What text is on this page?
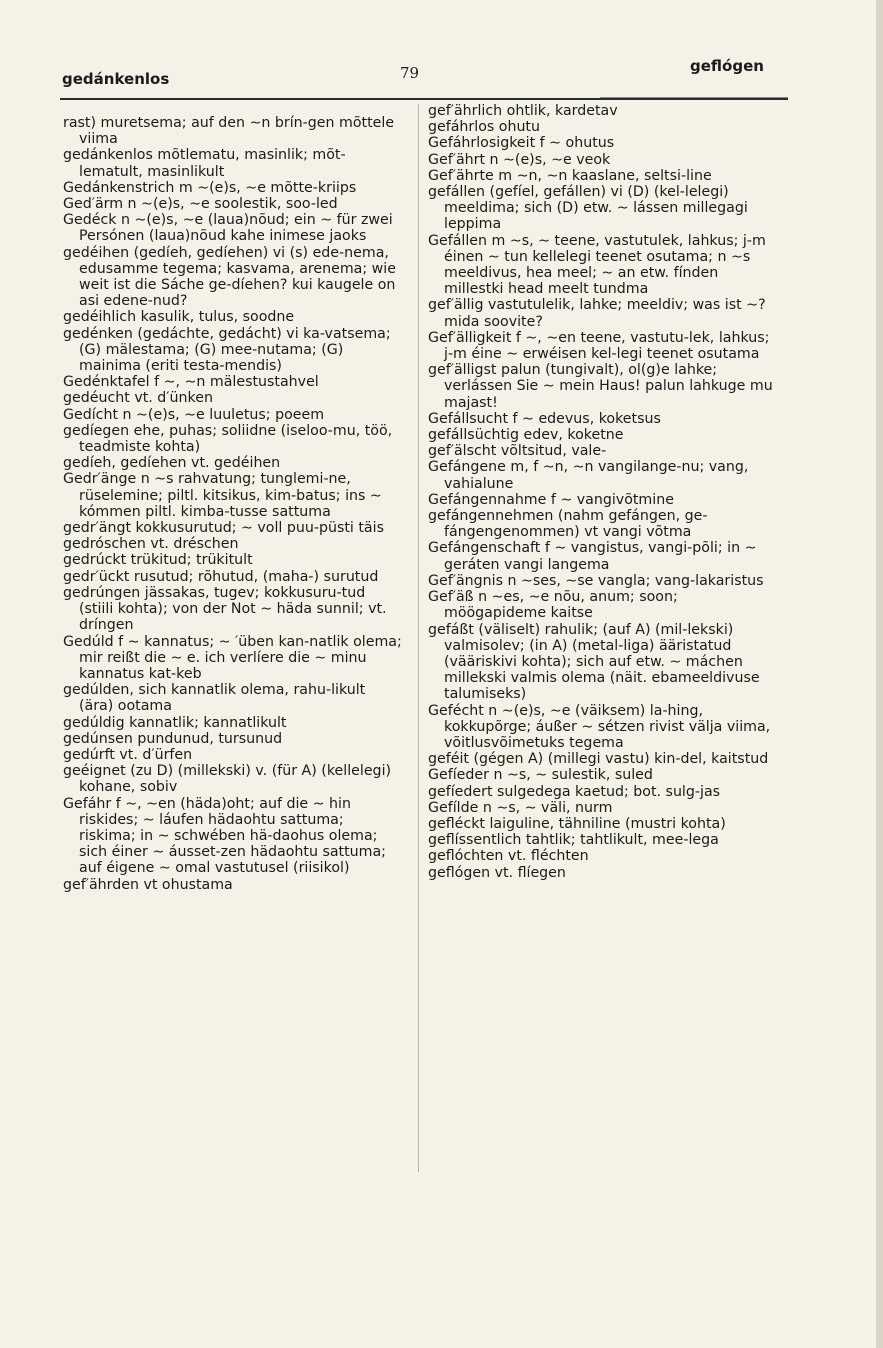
gedánkenlos	79	geflógen

rast) muretsema; auf den ∼n brín-gen mõttele viima

gedánkenlos mõtlematu, masinlik; mõt-lematult, masinlikult

Gedánkenstrich m ∼(e)s, ∼e mõtte-kriips

Ged′ärm n ∼(e)s, ∼e soolestik, soo-led

Gedéck n ∼(e)s, ∼e (laua)nõud; ein ∼ für zwei Persónen (laua)nõud kahe inimese jaoks

gedéihen (gedíeh, gedíehen) vi (s) ede-nema, edusamme tegema; kasvama, arenema; wie weit ist die Sáche ge-díehen? kui kaugele on asi edene-nud?

gedéihlich kasulik, tulus, soodne

gedénken (gedáchte, gedácht) vi ka-vatsema; (G) mälestama; (G) mee-nutama; (G) mainima (eriti testa-mendis)

Gedénktafel f ∼, ∼n mälestustahvel

gedéucht vt. d′ünken

Gedícht n ∼(e)s, ∼e luuletus; poeem

gedíegen ehe, puhas; soliidne (iseloo-mu, töö, teadmiste kohta)

gedíeh, gedíehen vt. gedéihen

Gedr′änge n ∼s rahvatung; tunglemi-ne, rüselemine; piltl. kitsikus, kim-batus; ins ∼ kómmen piltl. kimba-tusse sattuma

gedr′ängt kokkusurutud; ∼ voll puu-püsti täis

gedróschen vt. dréschen

gedrúckt trükitud; trükitult

gedr′ückt rusutud; rõhutud, (maha-) surutud

gedrúngen jässakas, tugev; kokkusuru-tud (stiili kohta); von der Not ∼ häda sunnil; vt. dríngen

Gedúld f ∼ kannatus; ∼ ′üben kan-natlik olema; mir reißt die ∼ e. ich verlíere die ∼ minu kannatus kat-keb

gedúlden, sich kannatlik olema, rahu-likult (ära) ootama

gedúldig kannatlik; kannatlikult

gedúnsen pundunud, tursunud

gedúrft vt. d′ürfen

geéignet (zu D) (millekski) v. (für A) (kellelegi) kohane, sobiv

Gefáhr f ∼, ∼en (häda)oht; auf die ∼ hin riskides; ∼ láufen hädaohtu sattuma; riskima; in ∼ schwében hä-daohus olema; sich éiner ∼ áusset-zen hädaohtu sattuma; auf éigene ∼ omal vastutusel (riisikol)

gef′ährden vt ohustama

gef′ährlich ohtlik, kardetav

gefáhrlos ohutu

Gefáhrlosigkeit f ∼ ohutus

Gef′ährt n ∼(e)s, ∼e veok

Gef′ährte m ∼n, ∼n kaaslane, seltsi-line

gefállen (gefíel, gefállen) vi (D) (kel-lelegi) meeldima; sich (D) etw. ∼ lássen millegagi leppima

Gefállen m ∼s, ∼ teene, vastutulek, lahkus; j-m éinen ∼ tun kellelegi teenet osutama; n ∼s meeldivus, hea meel; ∼ an etw. fínden millestki head meelt tundma

gef′ällig vastutulelik, lahke; meeldiv; was ist ∼? mida soovite?

Gef′älligkeit f ∼, ∼en teene, vastutu-lek, lahkus; j-m éine ∼ erwéisen kel-legi teenet osutama

gef′älligst palun (tungivalt), ol(g)e lahke; verlássen Sie ∼ mein Haus! palun lahkuge mu majast!

Gefállsucht f ∼ edevus, koketsus

gefállsüchtig edev, koketne

gef′älscht võltsitud, vale-

Gefángene m, f ∼n, ∼n vangilange-nu; vang, vahialune

Gefángennahme f ∼ vangivõtmine

gefángennehmen (nahm gefángen, ge-fángengenommen) vt vangi võtma

Gefángenschaft f ∼ vangistus, vangi-põli; in ∼ geráten vangi langema

Gef′ängnis n ∼ses, ∼se vangla; vang-lakaristus

Gef′äß n ∼es, ∼e nõu, anum; soon; möögapideme kaitse

gefáßt (väliselt) rahulik; (auf A) (mil-lekski) valmisolev; (in A) (metal-liga) ääristatud (vääriskivi kohta); sich auf etw. ∼ máchen millekski valmis olema (näit. ebameeldivuse talumiseks)

Gefécht n ∼(e)s, ∼e (väiksem) la-hing, kokkupõrge; áußer ∼ sétzen rivist välja viima, võitlusvõimetuks tegema

geféit (gégen A) (millegi vastu) kin-del, kaitstud

Gefíeder n ∼s, ∼ sulestik, suled

gefíedert sulgedega kaetud; bot. sulg-jas

Gefílde n ∼s, ∼ väli, nurm

gefléckt laiguline, tähniline (mustri kohta)

geflíssentlich tahtlik; tahtlikult, mee-lega

geflóchten vt. fléchten

geflógen vt. flíegen
